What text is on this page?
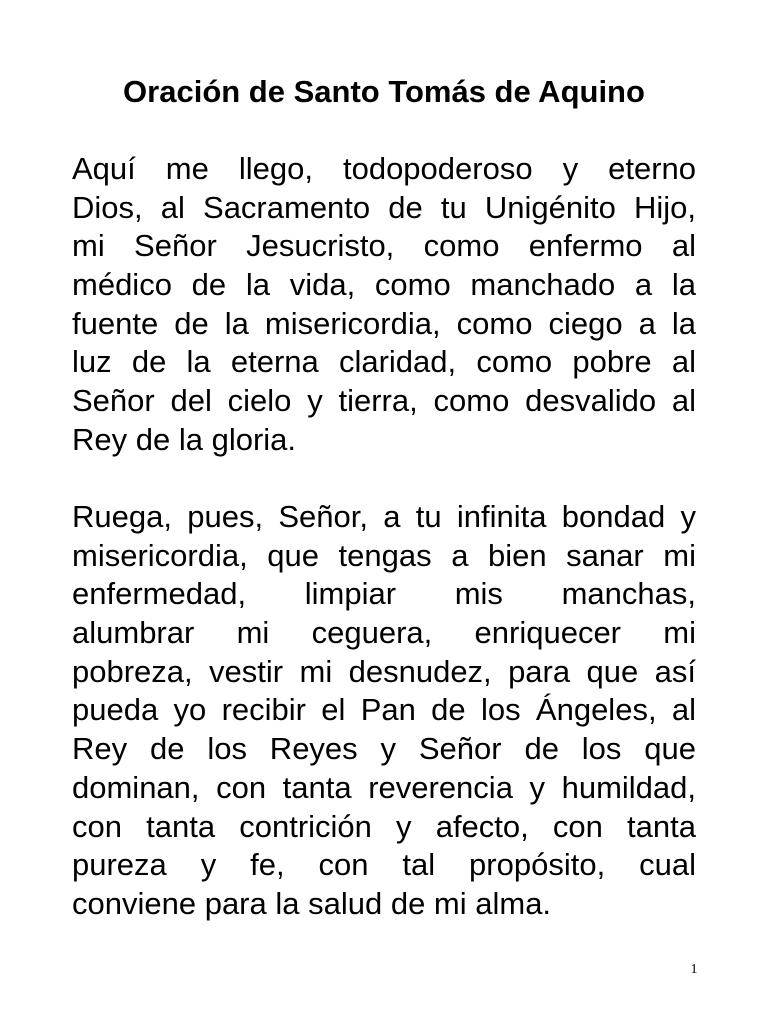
Oración de Santo Tomás de Aquino

Aquí me llego, todopoderoso y eterno
Dios, al Sacramento de tu Unigénito Hijo,
mi Señor Jesucristo, como enfermo al
médico de la vida, como manchado a la
fuente de la misericordia, como ciego a la
luz de la eterna claridad, como pobre al
Señor del cielo y tierra, como desvalido al
Rey de la gloria.

Ruega, pues, Señor, a tu infinita bondad y
misericordia, que tengas a bien sanar mi
enfermedad, limpiar mis manchas,
alumbrar mi ceguera, enriquecer mi
pobreza, vestir mi desnudez, para que así
pueda yo recibir el Pan de los Ángeles, al
Rey de los Reyes y Señor de los que
dominan, con tanta reverencia y humildad,
con tanta contrición y afecto, con tanta
pureza y fe, con tal propósito, cual
conviene para la salud de mi alma.

1
